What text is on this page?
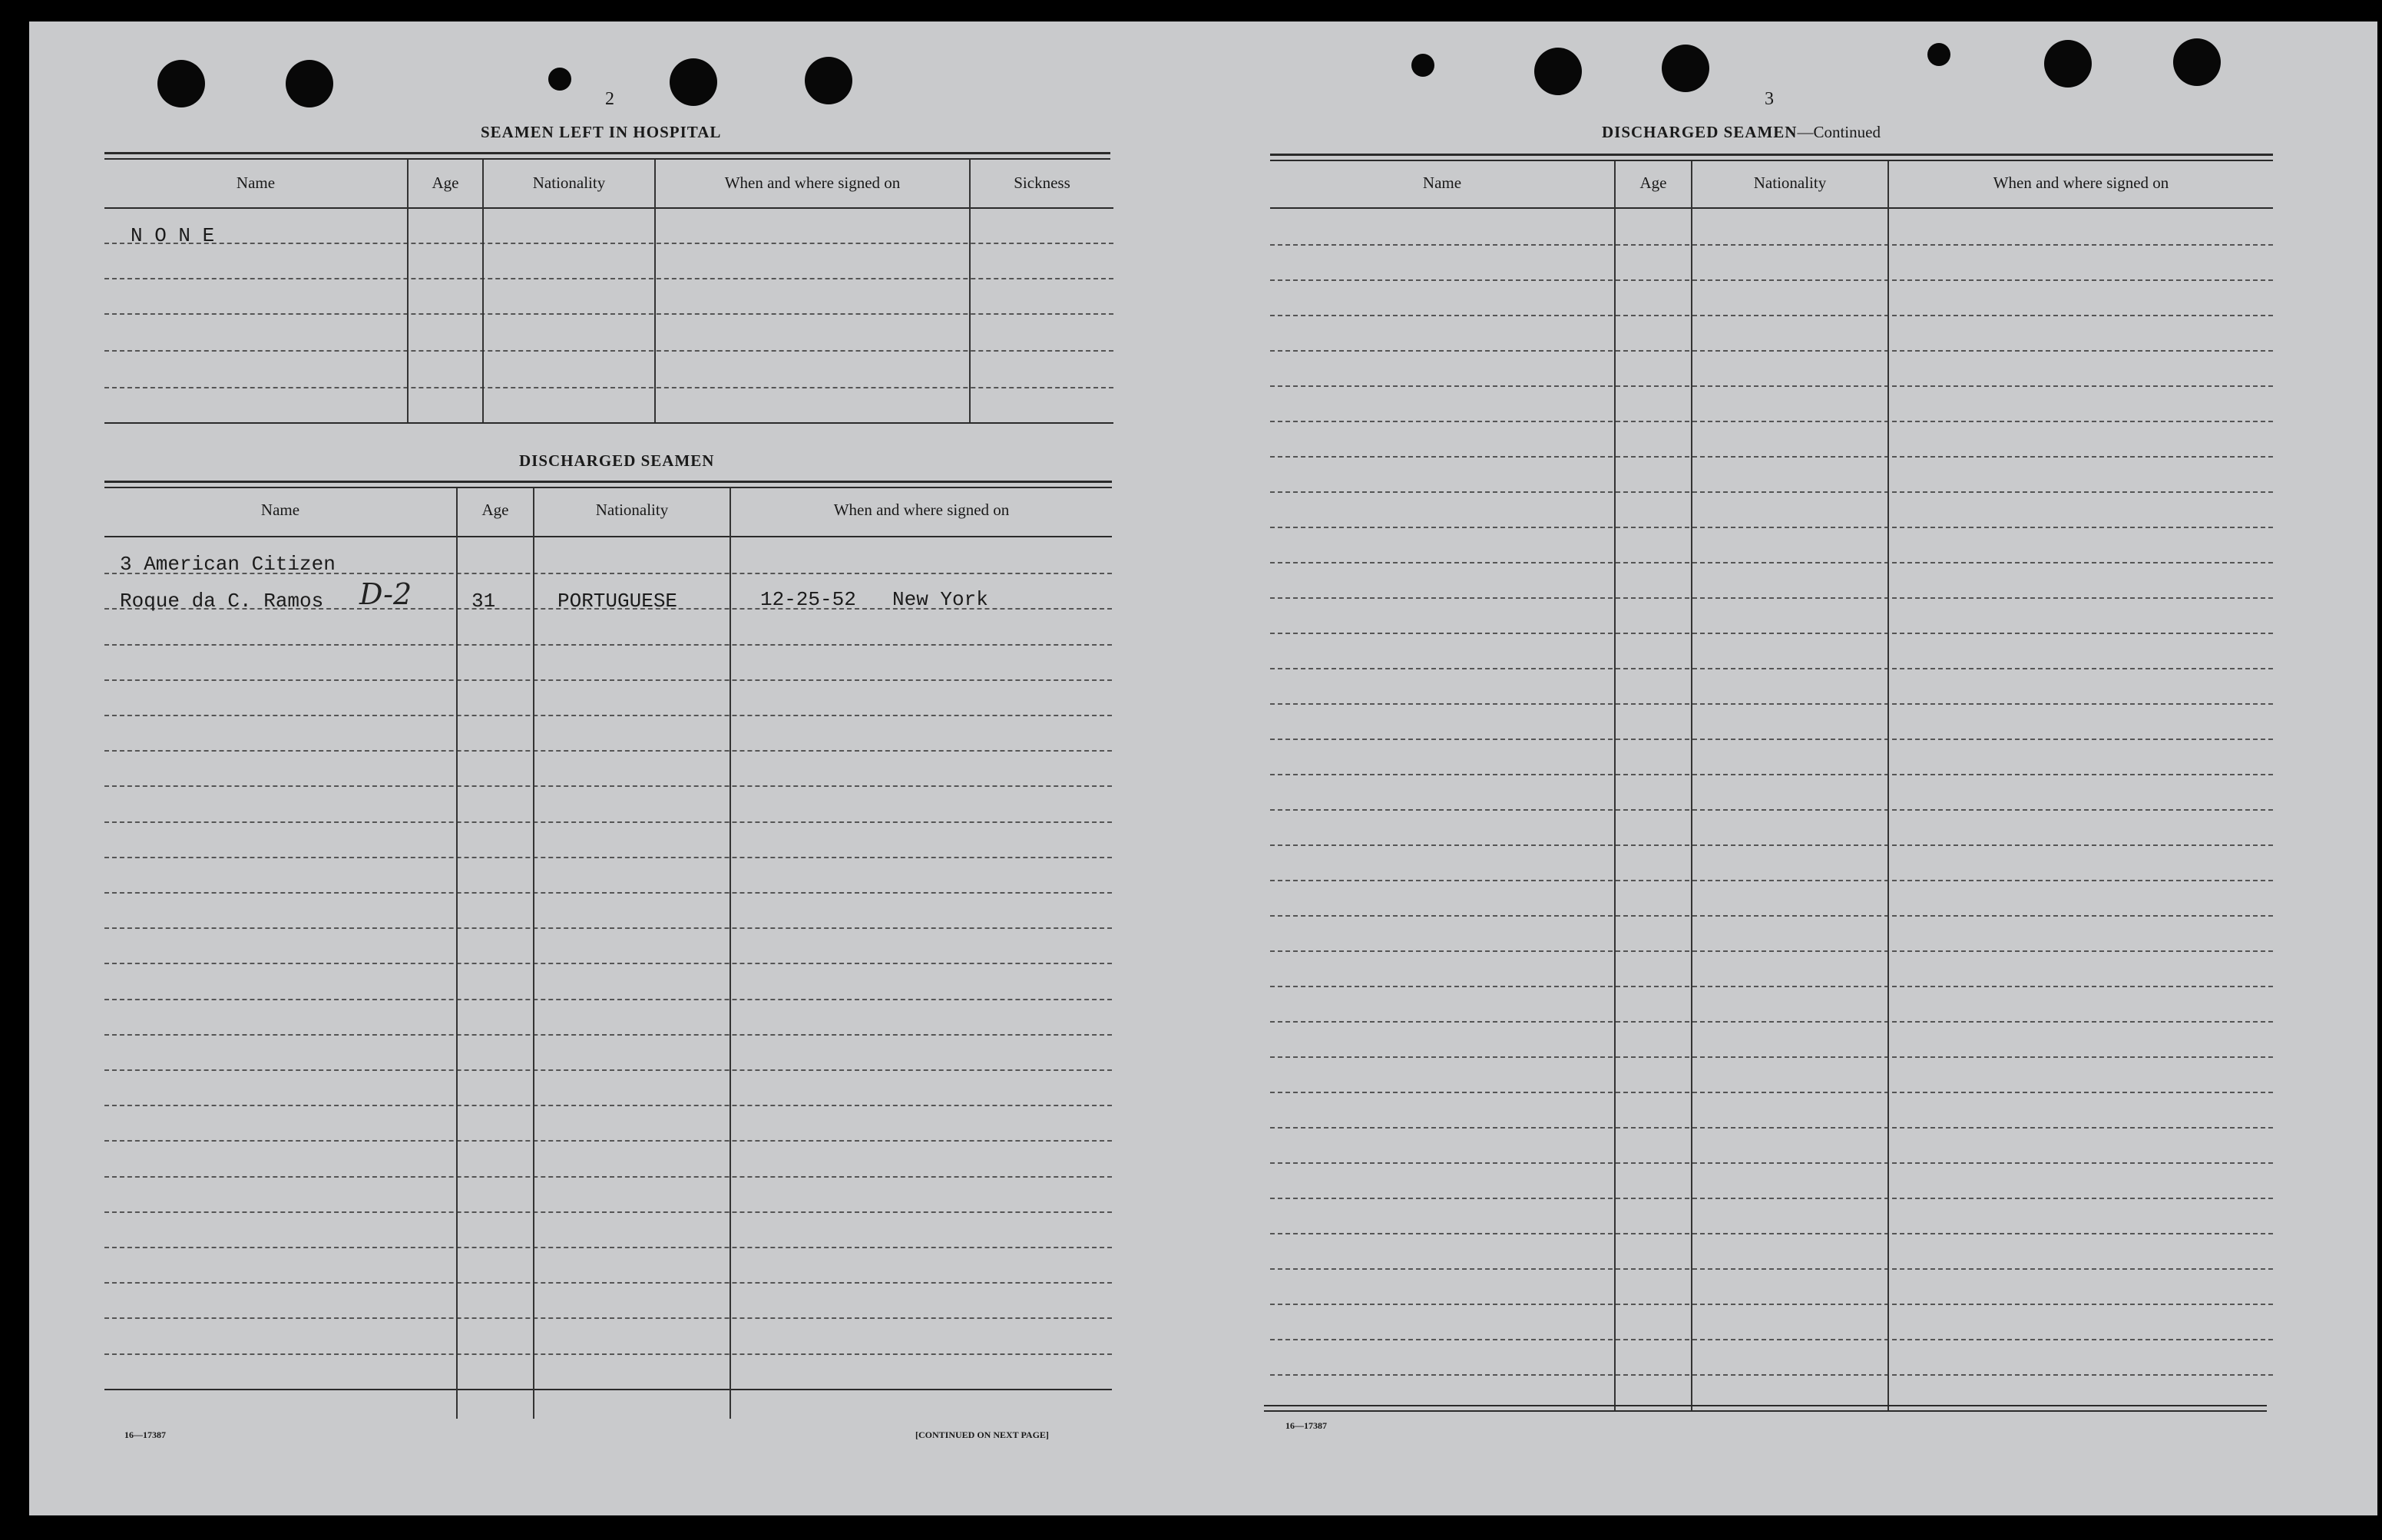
2
SEAMEN LEFT IN HOSPITAL
Name	Age	Nationality	When and where signed on	Sickness
N O N E
DISCHARGED SEAMEN
Name	Age	Nationality	When and where signed on
3 American Citizen
Roque da C. Ramos D-2	31	PORTUGUESE	12-25-52 New York
16—17387	[CONTINUED ON NEXT PAGE]
3
DISCHARGED SEAMEN—Continued
Name	Age	Nationality	When and where signed on
16—17387
